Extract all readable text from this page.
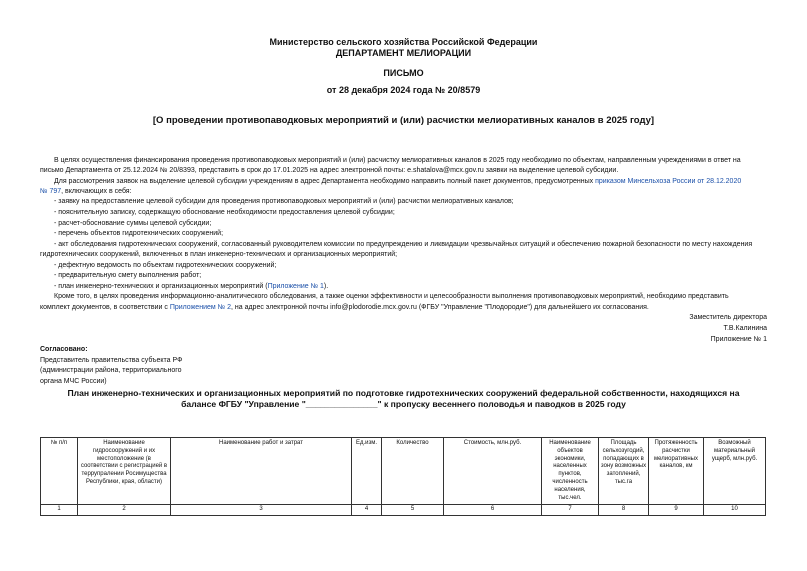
Министерство сельского хозяйства Российской Федерации
ДЕПАРТАМЕНТ МЕЛИОРАЦИИ
ПИСЬМО
от 28 декабря 2024 года № 20/8579
[О проведении противопаводковых мероприятий и (или) расчистки мелиоративных каналов в 2025 году]
В целях осуществления финансирования проведения противопаводковых мероприятий и (или) расчистку мелиоративных каналов в 2025 году необходимо по объектам, направленным учреждениями в ответ на
письмо Департамента от 25.12.2024 № 20/8393, представить в срок до 17.01.2025 на адрес электронной почты: e.shatalova@mcx.gov.ru заявки на выделение целевой субсидии.
Для рассмотрения заявок на выделение целевой субсидии учреждениям в адрес Департамента необходимо направить полный пакет документов, предусмотренных приказом Минсельхоза России от 28.12.2020
№ 797, включающих в себя:
- заявку на предоставление целевой субсидии для проведения противопаводковых мероприятий и (или) расчистки мелиоративных каналов;
- пояснительную записку, содержащую обоснование необходимости предоставления целевой субсидии;
- расчет-обоснование суммы целевой субсидии;
- перечень объектов гидротехнических сооружений;
- акт обследования гидротехнических сооружений, согласованный руководителем комиссии по предупреждению и ликвидации чрезвычайных ситуаций и обеспечению пожарной безопасности по месту нахождения
гидротехнических сооружений, включенных в план инженерно-технических и организационных мероприятий;
- дефектную ведомость по объектам гидротехнических сооружений;
- предварительную смету выполнения работ;
- план инженерно-технических и организационных мероприятий (Приложение № 1).
Кроме того, в целях проведения информационно-аналитического обследования, а также оценки эффективности и целесообразности выполнения противопаводковых мероприятий, необходимо представить
комплект документов, в соответствии с Приложением № 2, на адрес электронной почты info@plodorodie.mcx.gov.ru (ФГБУ "Управление "Плодородие") для дальнейшего их согласования.
Заместитель директора
Т.В.Калинина
Приложение № 1
Согласовано:
Представитель правительства субъекта РФ
(администрации района, территориального
органа МЧС России)
План инженерно-технических и организационных мероприятий по подготовке гидротехнических сооружений федеральной собственности, находящихся на
балансе ФГБУ "Управление "_______________" к пропуску весеннего половодья и паводков в 2025 году
№ п/п	Наименование гидросооружений и их местоположение (в соответствии с регистрацией в террупралении Росимущества Республики, края, области)	Наименование работ и затрат	Ед.изм.	Количество	Стоимость, млн.руб.	Наименование объектов экономики, населенных пунктов, численность населения, тыс.чел.	Площадь сельхозугодий, попадающих в зону возможных затоплений, тыс.га	Протяженность расчистки мелиоративных каналов, км	Возможный материальный ущерб, млн.руб.
1	2	3	4	5	6	7	8	9	10
